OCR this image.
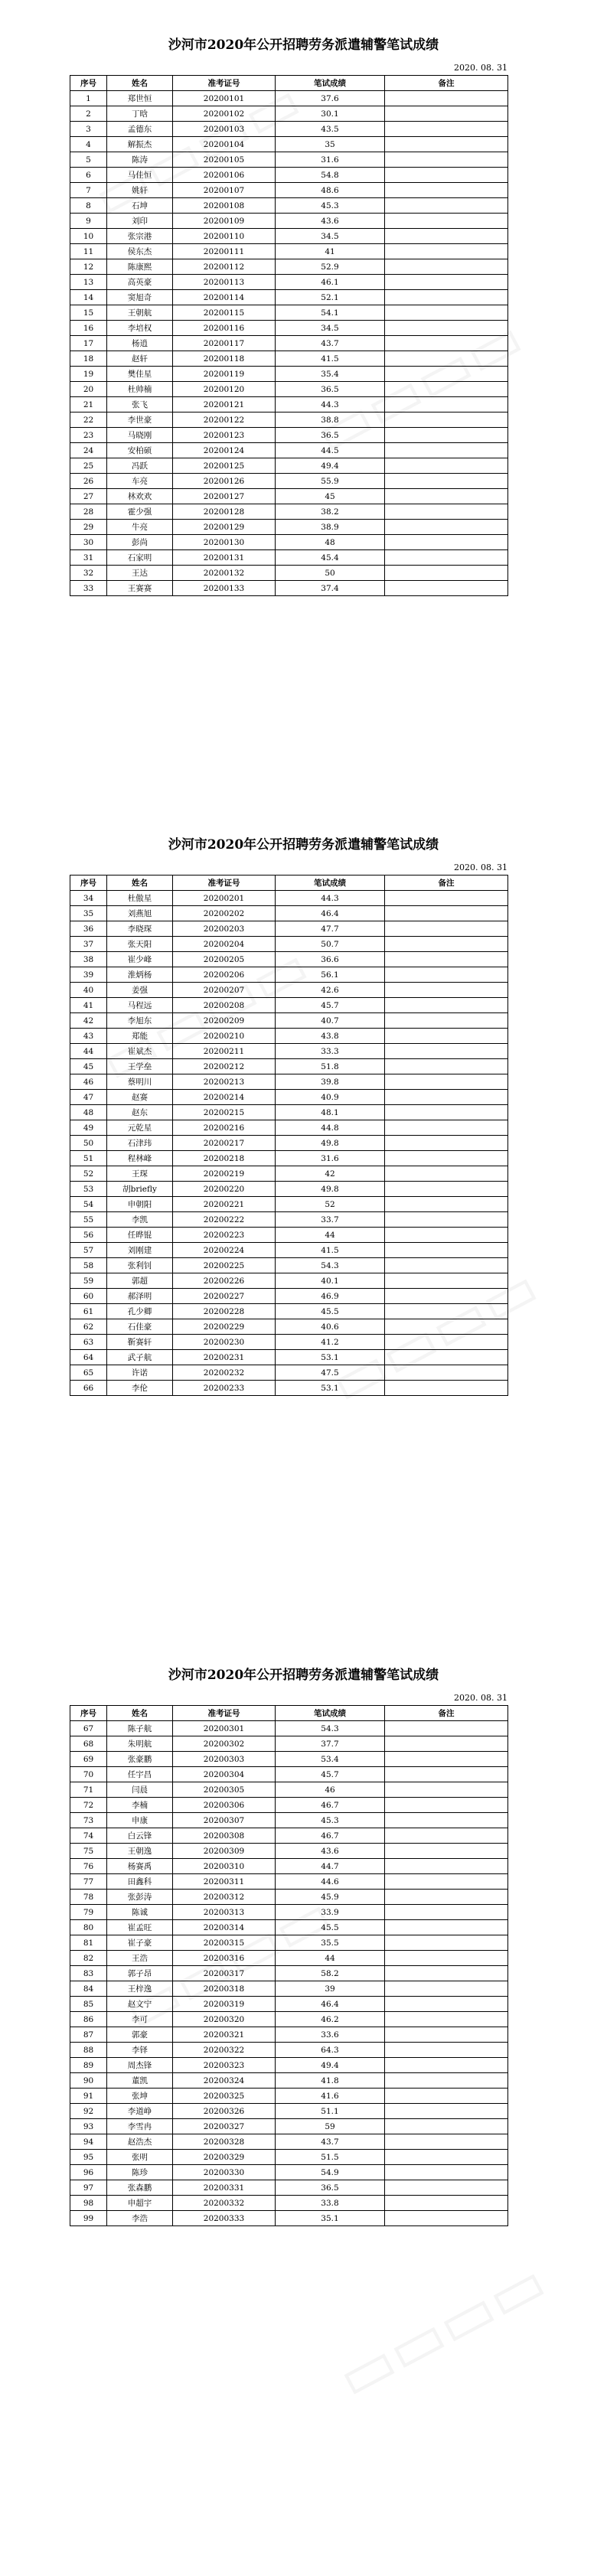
沙河市2020年公开招聘劳务派遣辅警笔试成绩
2020. 08. 31
序号	姓名	准考证号	笔试成绩	备注
1	郑世恒	20200101	37.6	
2	丁晗	20200102	30.1	
3	孟德东	20200103	43.5	
4	解振杰	20200104	35	
5	陈涛	20200105	31.6	
6	马佳恒	20200106	54.8	
7	姚轩	20200107	48.6	
8	石坤	20200108	45.3	
9	刘印	20200109	43.6	
10	张宗港	20200110	34.5	
11	侯东杰	20200111	41	
12	陈康熙	20200112	52.9	
13	高英豪	20200113	46.1	
14	窦旭奇	20200114	52.1	
15	王朝航	20200115	54.1	
16	李培权	20200116	34.5	
17	杨逍	20200117	43.7	
18	赵轩	20200118	41.5	
19	樊佳星	20200119	35.4	
20	杜帅楠	20200120	36.5	
21	张飞	20200121	44.3	
22	李世豪	20200122	38.8	
23	马晓刚	20200123	36.5	
24	安柏硕	20200124	44.5	
25	冯跃	20200125	49.4	
26	车亮	20200126	55.9	
27	林欢欢	20200127	45	
28	霍少强	20200128	38.2	
29	牛亮	20200129	38.9	
30	彭尚	20200130	48	
31	石家明	20200131	45.4	
32	王达	20200132	50	
33	王赛赛	20200133	37.4	
沙河市2020年公开招聘劳务派遣辅警笔试成绩
2020. 08. 31
序号	姓名	准考证号	笔试成绩	备注
34	杜傲星	20200201	44.3	
35	刘燕旭	20200202	46.4	
36	李晓琛	20200203	47.7	
37	张天阳	20200204	50.7	
38	崔少峰	20200205	36.6	
39	淮炳杨	20200206	56.1	
40	姜强	20200207	42.6	
41	马程远	20200208	45.7	
42	李旭东	20200209	40.7	
43	郑能	20200210	43.8	
44	崔斌杰	20200211	33.3	
45	王学垒	20200212	51.8	
46	蔡明川	20200213	39.8	
47	赵赛	20200214	40.9	
48	赵东	20200215	48.1	
49	元乾星	20200216	44.8	
50	石津玮	20200217	49.8	
51	程林峰	20200218	31.6	
52	王琛	20200219	42	
53	胡briefly	20200220	49.8	
54	申朝阳	20200221	52	
55	李凯	20200222	33.7	
56	任晔锟	20200223	44	
57	刘刚建	20200224	41.5	
58	张利钊	20200225	54.3	
59	郭超	20200226	40.1	
60	郝泽明	20200227	46.9	
61	孔少卿	20200228	45.5	
62	石佳豪	20200229	40.6	
63	靳赛轩	20200230	41.2	
64	武子航	20200231	53.1	
65	许诺	20200232	47.5	
66	李伦	20200233	53.1	
沙河市2020年公开招聘劳务派遣辅警笔试成绩
2020. 08. 31
序号	姓名	准考证号	笔试成绩	备注
67	陈子航	20200301	54.3	
68	朱明航	20200302	37.7	
69	张豪鹏	20200303	53.4	
70	任宇昌	20200304	45.7	
71	闫晨	20200305	46	
72	李楠	20200306	46.7	
73	申康	20200307	45.3	
74	白云锋	20200308	46.7	
75	王朝逸	20200309	43.6	
76	杨赛禹	20200310	44.7	
77	田鑫科	20200311	44.6	
78	张彭涛	20200312	45.9	
79	陈诚	20200313	33.9	
80	崔孟旺	20200314	45.5	
81	崔子豪	20200315	35.5	
82	王浩	20200316	44	
83	郭子昂	20200317	58.2	
84	王梓逸	20200318	39	
85	赵文宁	20200319	46.4	
86	李可	20200320	46.2	
87	郭豪	20200321	33.6	
88	李铎	20200322	64.3	
89	周杰锋	20200323	49.4	
90	董凯	20200324	41.8	
91	张坤	20200325	41.6	
92	李道峥	20200326	51.1	
93	李雪冉	20200327	59	
94	赵浩杰	20200328	43.7	
95	张明	20200329	51.5	
96	陈珍	20200330	54.9	
97	张森鹏	20200331	36.5	
98	申超宇	20200332	33.8	
99	李浩	20200333	35.1	
